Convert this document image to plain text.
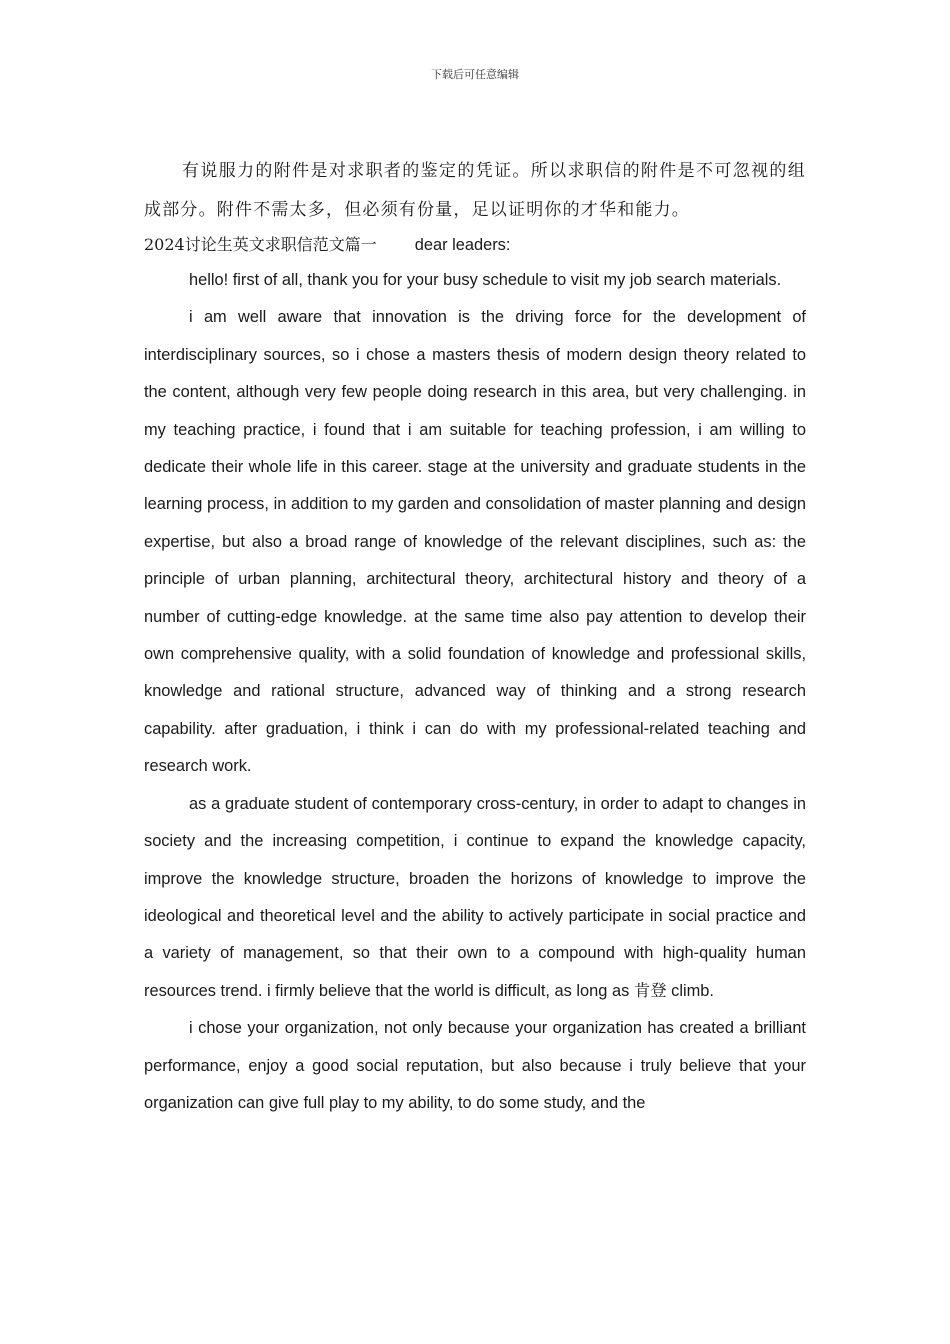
下载后可任意编辑

有说服力的附件是对求职者的鉴定的凭证。所以求职信的附件是不可忽视的组成部分。附件不需太多，但必须有份量，足以证明你的才华和能力。

2024讨论生英文求职信范文篇一 dear leaders:

hello! first of all, thank you for your busy schedule to visit my job search materials.

i am well aware that innovation is the driving force for the development of interdisciplinary sources, so i chose a masters thesis of modern design theory related to the content, although very few people doing research in this area, but very challenging. in my teaching practice, i found that i am suitable for teaching profession, i am willing to dedicate their whole life in this career. stage at the university and graduate students in the learning process, in addition to my garden and consolidation of master planning and design expertise, but also a broad range of knowledge of the relevant disciplines, such as: the principle of urban planning, architectural theory, architectural history and theory of a number of cutting-edge knowledge. at the same time also pay attention to develop their own comprehensive quality, with a solid foundation of knowledge and professional skills, knowledge and rational structure, advanced way of thinking and a strong research capability. after graduation, i think i can do with my professional-related teaching and research work.

as a graduate student of contemporary cross-century, in order to adapt to changes in society and the increasing competition, i continue to expand the knowledge capacity, improve the knowledge structure, broaden the horizons of knowledge to improve the ideological and theoretical level and the ability to actively participate in social practice and a variety of management, so that their own to a compound with high-quality human resources trend. i firmly believe that the world is difficult, as long as 肯登 climb.

i chose your organization, not only because your organization has created a brilliant performance, enjoy a good social reputation, but also because i truly believe that your organization can give full play to my ability, to do some study, and the
